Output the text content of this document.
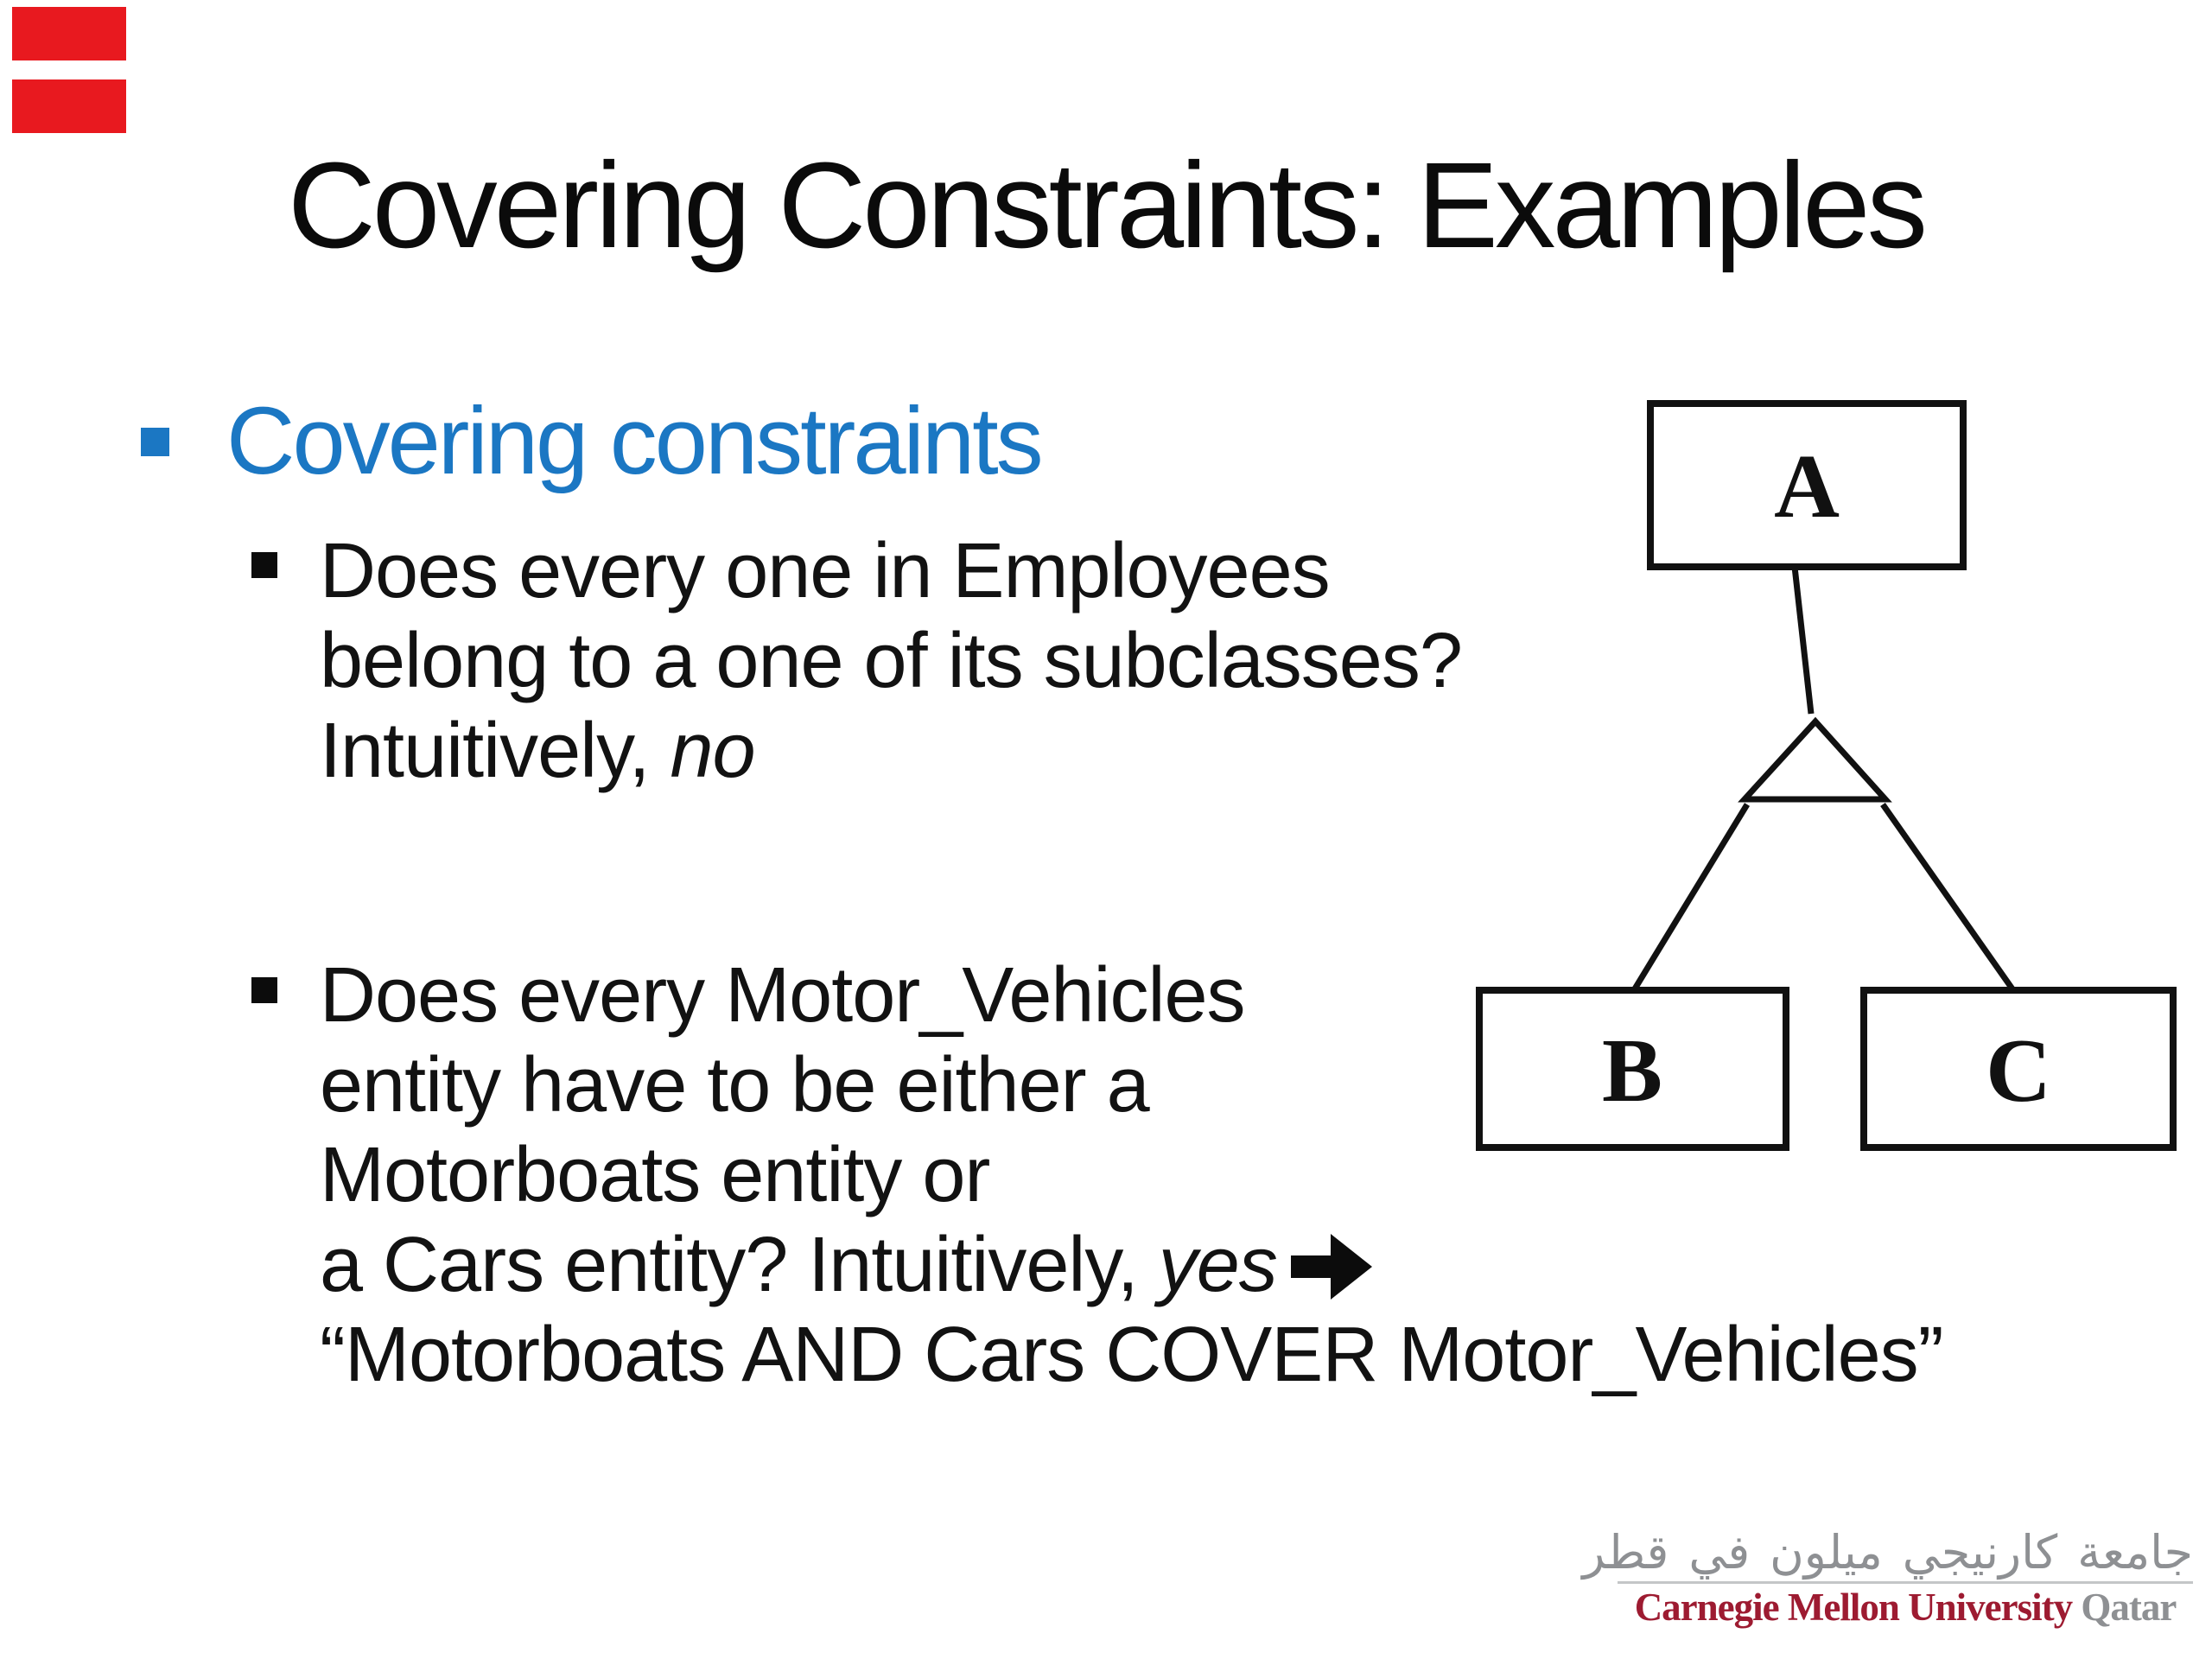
Covering Constraints: Examples
Covering constraints
Does every one in Employees
belong to a one of its subclasses?
Intuitively, no
Does every Motor_Vehicles
entity have to be either a
Motorboats entity or
a Cars entity? Intuitively, yes
“Motorboats AND Cars COVER Motor_Vehicles”
A
B	C
جامعة كارنيجي ميلون في قطر
Carnegie Mellon University Qatar
